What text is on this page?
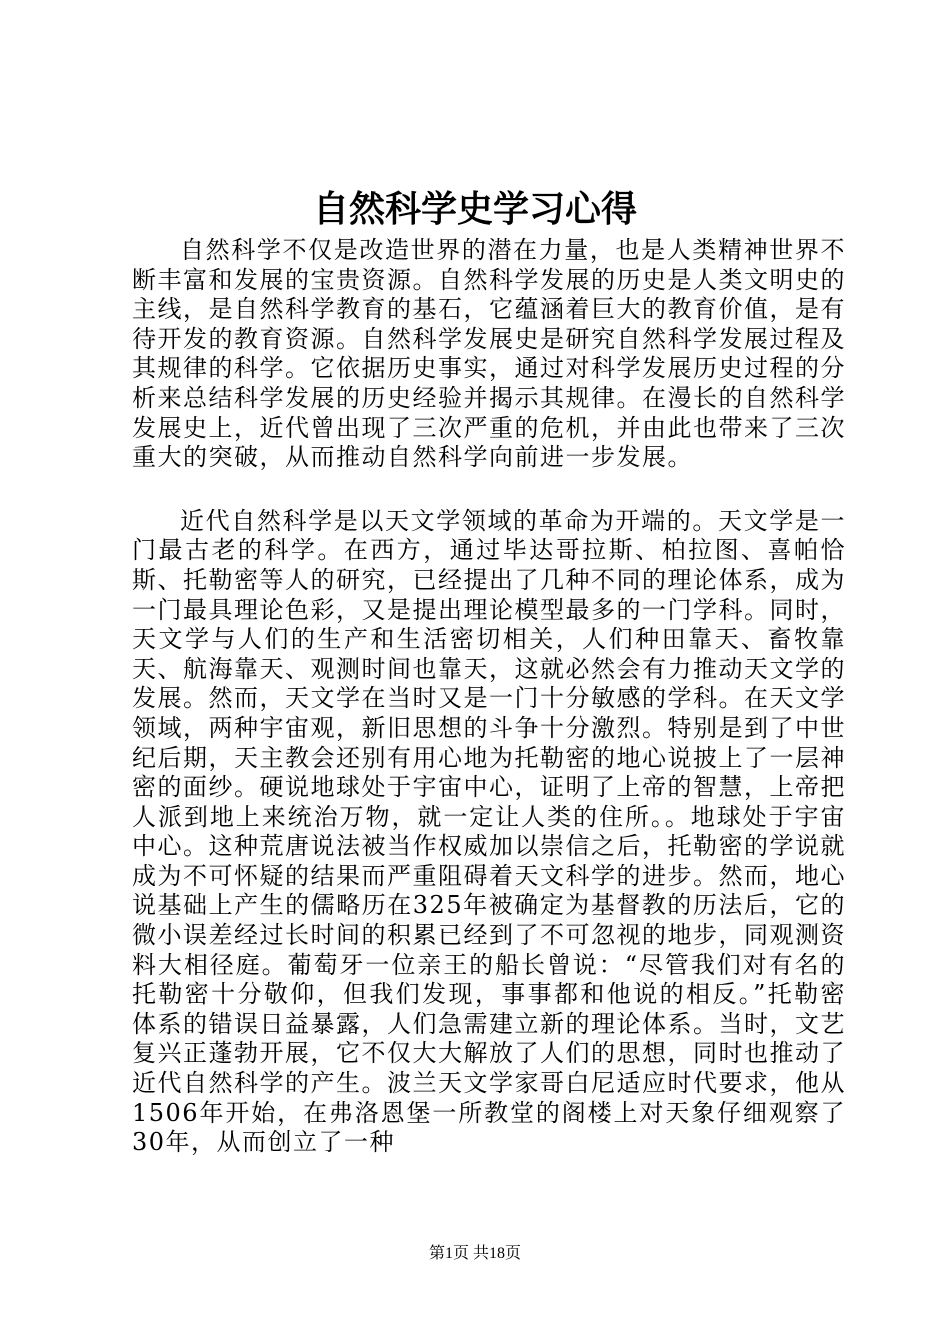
自然科学史学习心得

自然科学不仅是改造世界的潜在力量，也是人类精神世界不断丰富和发展的宝贵资源。自然科学发展的历史是人类文明史的主线，是自然科学教育的基石，它蕴涵着巨大的教育价值，是有待开发的教育资源。自然科学发展史是研究自然科学发展过程及其规律的科学。它依据历史事实，通过对科学发展历史过程的分析来总结科学发展的历史经验并揭示其规律。在漫长的自然科学发展史上，近代曾出现了三次严重的危机，并由此也带来了三次重大的突破，从而推动自然科学向前进一步发展。

近代自然科学是以天文学领域的革命为开端的。天文学是一门最古老的科学。在西方，通过毕达哥拉斯、柏拉图、喜帕恰斯、托勒密等人的研究，已经提出了几种不同的理论体系，成为一门最具理论色彩，又是提出理论模型最多的一门学科。同时，天文学与人们的生产和生活密切相关，人们种田靠天、畜牧靠天、航海靠天、观测时间也靠天，这就必然会有力推动天文学的发展。然而，天文学在当时又是一门十分敏感的学科。在天文学领域，两种宇宙观，新旧思想的斗争十分激烈。特别是到了中世纪后期，天主教会还别有用心地为托勒密的地心说披上了一层神密的面纱。硬说地球处于宇宙中心，证明了上帝的智慧，上帝把人派到地上来统治万物，就一定让人类的住所。。地球处于宇宙中心。这种荒唐说法被当作权威加以崇信之后，托勒密的学说就成为不可怀疑的结果而严重阻碍着天文科学的进步。然而，地心说基础上产生的儒略历在325年被确定为基督教的历法后，它的微小误差经过长时间的积累已经到了不可忽视的地步，同观测资料大相径庭。葡萄牙一位亲王的船长曾说：“尽管我们对有名的托勒密十分敬仰，但我们发现，事事都和他说的相反。”托勒密体系的错误日益暴露，人们急需建立新的理论体系。当时，文艺复兴正蓬勃开展，它不仅大大解放了人们的思想，同时也推动了近代自然科学的产生。波兰天文学家哥白尼适应时代要求，他从1506年开始，在弗洛恩堡一所教堂的阁楼上对天象仔细观察了30年，从而创立了一种

第1页 共18页
